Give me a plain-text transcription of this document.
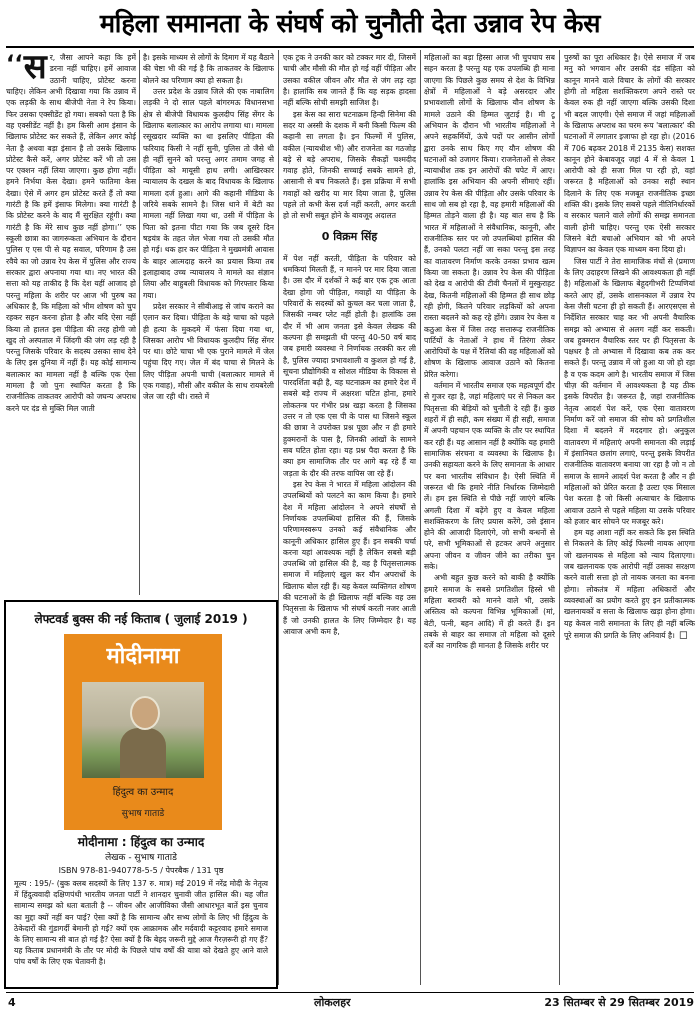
महिला समानता के संघर्ष को चुनौती देता उन्नाव रेप केस

‘‘ स र, जैसा आपने कहा कि हमें डरना नहीं चाहिए। हमें आवाज उठानी चाहिए, प्रोटेस्ट करना चाहिए। लेकिन अभी दिखावा गया कि उन्नाव में एक लड़की के साथ बीजेपी नेता ने रेप किया। फिर उसका एक्सीडेंट हो गया। सबको पता है कि वह एक्सीडेंट नहीं है। हम किसी आम इंसान के खिलाफ प्रोटेस्ट कर सकते हैं, लेकिन अगर कोई नेता है अथवा बड़ा इंसान है तो उसके खिलाफ प्रोटेस्ट कैसे करें, अगर प्रोटेस्ट करें भी तो उस पर एक्शन नहीं लिया जाएगा। कुछ होगा नहीं। हमने निर्भया केस देखा। हमने फातिमा केस देखा। ऐसे में अगर हम प्रोटेस्ट करते हैं तो क्या गारंटी है कि हमें इंसाफ मिलेगा। क्या गारंटी है कि प्रोटेस्ट करने के बाद मैं सुरक्षित रहूंगी। क्या गारंटी है कि मेरे साथ कुछ नहीं होगा।’’ एक स्कूली छात्रा का जागरूकता अभियान के दौरान पुलिस ए एस पी से यह सवाल, परिणाम है उस रवैये का जो उन्नाव रेप केस में पुलिस और राज्य सरकार द्वारा अपनाया गया था। नए भारत की सत्ता को यह ताकीद है कि देश यहीं आजाद हो परन्तु महिला के शरीर पर आज भी पुरुष का अधिकार है, कि महिला को भीम शोषण को चुप रहकर सहन करना होता है और यदि ऐसा नहीं किया तो हालत इस पीड़िता की तरह होगी जो खुद तो अस्पताल में जिंदगी की जंग लड़ रही है परन्तु जिसके परिवार के सदस्य उसका साथ देने के लिए इस दुनिया में नहीं हैं। यह कोई सामान्य बलात्कार का मामला नहीं है बल्कि एक ऐसा मामला है जो पुनः स्थापित करता है कि राजनीतिक ताकतवर आरोपी को जघन्य अपराध करने पर दंड से मुक्ति मिल जाती

है। इसके माध्यम से लोगों के दिमाग में यह बैठाने की चेष्टा भी की गई है कि ताकतवर के खिलाफ बोलने का परिणाम क्या हो सकता है।

उत्तर प्रदेश के उन्नाव जिले की एक नाबालिग लड़की ने दो साल पहले बांगरमऊ विधानसभा क्षेत्र से बीजेपी विधायक कुलदीप सिंह सेंगर के खिलाफ बलात्कार का आरोप लगाया था। मामला रसूखदार व्यक्ति का था इसलिए पीड़िता की फरियाद किसी ने नहीं सुनी, पुलिस तो जैसे थी ही नहीं सुनने को परन्तु अगर तमाम जगह से पीड़िता को मायूसी हाथ लगी। आखिरकार न्यायालय के दखल के बाद विधायक के खिलाफ मामला दर्ज हुआ। आगे की कहानी मीडिया के जरिये सबके सामने है। जिस थाने में बेटी का मामला नहीं लिखा गया था, उसी में पीड़िता के पिता को इतना पीटा गया कि जब दूसरे दिन षड़यंत्र के तहत जेल भेजा गया तो उसकी मौत हो गई। थक हार कर पीड़िता ने मुख्यमंत्री आवास के बाहर आत्मदाह करने का प्रयास किया तब इलाहाबाद उच्च न्यायालय ने मामले का संज्ञान लिया और बाहुबली विधायक को गिरफ्तार किया गया।

प्रदेश सरकार ने सीबीआइ से जांच कराने का एलान कर दिया। पीड़िता के बड़े चाचा को पहले ही हत्या के मुकदमे में फंसा दिया गया था, जिसका आरोप भी विधायक कुलदीप सिंह सेंगर पर था। छोटे चाचा भी एक पुराने मामले में जेल पहुंचा दिए गए। जेल में बंद चाचा से मिलने के लिए पीड़िता अपनी चाची (बलात्कार मामले में एक गवाह), मौसी और वकील के साथ रायबरेली जेल जा रही थी। रास्ते में

एक ट्रक ने उनकी कार को टक्कर मार दी, जिसमें चाची और मौसी की मौत हो गई वहीं पीड़िता और उसका वकील जीवन और मौत से जंग लड़ रहा है। हालांकि सब जानते हैं कि यह सड़क हादसा नहीं बल्कि सोची समझी साजिश है।

इस केस का सारा घटनाक्रम हिन्दी सिनेमा की सदर या अस्सी के दशक में बनी किसी फिल्म की कहानी सा लगता है। इन फिल्मों में पुलिस, वकील (न्यायधीश भी) और राजनेता का गठजोड़ बड़े से बड़े अपराध, जिसके सैकड़ों चश्मदीद गवाह होते, जिनकी सच्चाई सबके सामने हो, आसानी से बच निकलते हैं। इस प्रक्रिया में सभी गवाहों को खरीद या मार दिया जाता है, पुलिस पहले तो कभी केस दर्ज नहीं करती, अगर करती हो तो सभी सबूत होने के बावजूद अदालत

0 विक्रम सिंह

में पेश नहीं करती, पीड़िता के परिवार को धमकियां मिलती हैं, न मानने पर मार दिया जाता है। उस दौर में दर्शकों ने कई बार एक ट्रक आता देखा होगा जो पीड़िता, गवाहों या पीड़िता के परिवारों के सदस्यों को कुचल कर चला जाता है, जिसकी नम्बर प्लेट नहीं होती है। हालांकि उस दौर में भी आम जनता इसे केवल लेखक की कल्पना ही समझती थी परन्तु 40-50 वर्ष बाद जब हमारी व्यवस्था ने निर्णायक तरक्की कर ली है, पुलिस ज्यादा प्रभावशाली व कुशल हो गई है, सूचना प्रौद्योगिकी व सोशल मीडिया के विकास से पारदर्शिता बढ़ी है, यह घटनाक्रम का हमारे देश में सबसे बड़े राज्य में अक्षरशः घटित होना, हमारे लोकतन्त्र पर गंभीर प्रश्न खड़ा करता है जिसका उत्तर न तो एक एस पी के पास था जिसने स्कूल की छात्रा ने उपरोक्त प्रश्न पूछा और न ही हमारे हुक्मरानों के पास है, जिनकी आंखों के सामने सब घटित होता रहा। यह प्रश्न पैदा करता है कि क्या हम सामाजिक तौर पर आगे बढ़ रहे हैं या जड़ता के दौर की तरफ वापिस जा रहे हैं।

इस रेप केस ने भारत में महिला आंदोलन की उपलब्धियों को पलटने का काम किया है। हमारे देश में महिला आंदोलन ने अपने संघर्षों से निर्णायक उपलब्धियां हासिल की हैं, जिसके परिणामस्वरूप उनको कई संवैधानिक और कानूनी अधिकार हासिल हुए हैं। इन सबकी चर्चा करना यहां आवश्यक नहीं है लेकिन सबसे बड़ी उपलब्धि जो हासिल की है, वह है पितृसत्तात्मक समाज में महिलाएं खुल कर यौन अपराधों के खिलाफ बोल रही हैं। यह केवल व्यक्तिगत शोषण की घटनाओं के ही खिलाफ नहीं बल्कि वह उस पितृसत्ता के खिलाफ भी संघर्ष करती नजर आती हैं जो उनकी हालत के लिए जिम्मेदार है। यह आवाज अभी कम है,

महिलाओं का बड़ा हिस्सा आज भी चुपचाप सब सहन करता है परन्तु यह एक उपलब्धि ही माना जाएगा कि पिछले कुछ समय से देश के विभिन्न क्षेत्रों में महिलाओं ने बड़े असरदार और प्रभावशाली लोगों के खिलाफ यौन शोषण के मामले उठाने की हिम्मत जुटाई है। मी टू अभियान के दौरान भी भारतीय महिलाओं ने अपने सहकर्मियों, ऊंचे पदों पर आसीन लोगों द्वारा उनके साथ किए गए यौन शोषण की घटनाओं को उजागर किया। राजनेताओं से लेकर न्यायाधीश तक इन आरोपों की चपेट में आए। हालांकि इस अभियान की अपनी सीमाएं रहीं। उन्नाव रेप केस की पीड़िता और उसके परिवार के साथ जो सब हो रहा है, वह हमारी महिलाओं की हिम्मत तोड़ने वाला ही है। यह बात सच है कि भारत में महिलाओं ने संवैधानिक, कानूनी, और राजनीतिक स्तर पर जो उपलब्धियां हासिल की हैं, उनको पलटा नहीं जा सका परन्तु इस तरह का वातावरण निर्माण करके उनका प्रभाव खत्म किया जा सकता है। उन्नाव रेप केस की पीड़िता को देख व आरोपी की टीवी चैनलों में मुस्कुराहट देख, कितनी महिलाओं की हिम्मत ही साथ छोड़ रही होगी, कितने परिवार लड़कियों को अपना रास्ता बदलने को कह रहे होंगे। उन्नाव रेप केस व कठुआ केस में जिस तरह सत्तारूढ़ राजनीतिक पार्टियों के नेताओं ने हाथ में तिरंगा लेकर आरोपियों के पक्ष में रैलियां की वह महिलाओं को शोषण के खिलाफ आवाज उठाने को कितना प्रेरित करेगा।

वर्तमान में भारतीय समाज एक महत्वपूर्ण दौर से गुजर रहा है, जहां महिलाएं घर से निकल कर पितृसत्ता की बेड़ियों को चुनौती दे रही हैं। कुछ शहरों में ही सही, कम संख्या में ही सही, समाज में अपनी पहचान एक व्यक्ति के तौर पर स्थापित कर रही हैं। यह आसान नहीं है क्योंकि यह हमारी सामाजिक संरचना व व्यवस्था के खिलाफ है। उनकी सहायता करने के लिए समानता के आधार पर बना भारतीय संविधान है। ऐसी स्थिति में जरूरत थी कि हमारे नीति निर्धारक जिम्मेदारी लें। हम इस स्थिति से पीछे नहीं जाएंगे बल्कि अगली दिशा में बढ़ेंगे हुए व केवल महिला सशक्तिकरण के लिए प्रयास करेंगे, उसे इंसान होने की आजादी दिलाएंगे, जो सभी बन्धनों से परे, सभी भूमिकाओं से हटकर अपने अनुसार अपना जीवन व जीवन जीने का तरीका चुन सके।

अभी बहुत कुछ करने को बाकी है क्योंकि हमारे समाज के सबसे प्रगतिशील हिस्से भी महिला बराबरी को मानने वाले भी, उसके अस्तित्व को कल्पना विभिन्न भूमिकाओं (मां, बेटी, पत्नी, बहन आदि) में ही करते हैं। इन तबके से बाहर का समाज तो महिला को दूसरे दर्जे का नागरिक ही मानता है जिसके शरीर पर

पुरुषों का पूरा अधिकार है। ऐसे समाज में जब मनु को भगवान और उसकी दंड संहिता को कानून मानने वाले विचार के लोगों की सरकार होगी तो महिला सशक्तिकरण अपने रास्ते पर केवल रुक ही नहीं जाएगा बल्कि उसकी दिशा भी बदल जाएगी। ऐसे समाज में जहां महिलाओं के खिलाफ अपराध का चरम रूप 'बलात्कार' की घटनाओं में लगातार इजाफा हो रहा हो। (2016 में 706 बढ़कर 2018 में 2135 केस) सशक्त कानून होने केबावजूद जहां 4 में से केवल 1 आरोपी को ही सजा मिल पा रही हो, वहां जरूरत है महिलाओं को उनका सही स्थान दिलाने के लिए एक मजबूत राजनीतिक इच्छा शक्ति की। इसके लिए सबसे पहले नीतिनिर्धारकों व सरकार चलाने वाले लोगों की समझ समानता वाली होनी चाहिए। परन्तु एक ऐसी सरकार जिसने बेटी बचाओ अभियान को भी अपने विज्ञापन का केवल एक माध्यम बना दिया हो।

जिस पार्टी ने तेरा सामाजिक मंचों से (प्रमाण के लिए उदाहरण लिखने की आवश्यकता ही नहीं है) महिलाओं के खिलाफ बेहूदगीभरी टिप्पणियां करते आए हों, उसके शासनकाल में उन्नाव रेप केस जैसी घटना ही हो सकती हैं। आरएसएस से निर्देशित सरकार चाह कर भी अपनी वैचारिक समझ को अभ्यास से अलग नहीं कर सकती। जब हुक्मरान वैचारिक स्तर पर ही पितृसत्ता के पक्षधर है तो अभ्यास में दिखावा कब तक कर सकते हैं। परन्तु उन्नाव में जो हुआ या जो हो रहा है व एक कदम आगे है। भारतीय समाज में जिस चीज़ की वर्तमान में आवश्यकता है यह ठीक इसके विपरीत है। जरूरत है, जहां राजनीतिक नेतृत्व आदर्श पेश करें, एक ऐसा वातावरण निर्माण करें जो समाज की सोच को प्रगतिशील दिशा में बदलने में मददगार हो। अनुकूल वातावरण में महिलाएं अपनी समानता की लड़ाई में इंसानियत छलांग लगाएं, परन्तु इसके विपरीत राजनीतिक वातावरण बनाया जा रहा है जो न तो समाज के सामने आदर्श पेश करता है और न ही महिलाओं को प्रेरित करता है उल्टा एक मिसाल पेश करता है जो किसी अत्याचार के खिलाफ आवाज उठाने से पहले महिला या उसके परिवार को हजार बार सोचने पर मजबूर करे।

हम यह आशा नहीं कर सकते कि इस स्थिति से निकलने के लिए कोई फिल्मी नायक आएगा जो खलनायक से महिला को न्याय दिलाएगा। जब खलनायक एक आरोपी नहीं उसका सरक्षण करने वाली सत्ता हो तो नायक जनता का बनना होगा। लोकतंत्र में महिला अधिकारों और व्यवस्थाओं का प्रयोग करते हुए इन प्रतीकात्मक खलनायकों व सत्ता के खिलाफ खड़ा होना होगा। यह केवल नारी समानता के लिए ही नहीं बल्कि पूरे समाज की प्रगति के लिए अनिवार्य है। ◻

लेफ्टवर्ड बुक्स की नई किताब ( जुलाई 2019 )
मोदीनामा
हिंदुत्व का उन्माद
सुभाष गाताडे
मोदीनामा : हिंदुत्व का उन्माद
लेखक - सुभाष गाताडे
ISBN 978-81-940778-5-5 / पेपरबैक / 131 पृष्ठ
मूल्य : 195/- (बुक क्लब सदस्यों के लिए 137 रु. मात्र) मई 2019 में नरेंद्र मोदी के नेतृत्व में हिंदुत्ववादी दक्षिणपंथी भारतीय जनता पार्टी ने शानदार चुनावी जीत हासिल की। यह जीत सामान्य समझ को धता बताती है -- जीवन और आजीविका जैसी आधारभूत बातें इस चुनाव का मुद्दा क्यों नहीं बन पाई? ऐसा क्यों है कि सामान्य और सभ्य लोगों के लिए भी हिंदुत्व के ठेकेदारों की गुंडागर्दी बेमानी हो गई? क्यों एक आक्रामक और मर्दवादी कट्टरवाद हमारे समाज के लिए सामान्य सी बात हो गई है? ऐसा क्यों है कि बेहद जरूरी मुद्दे आज गैरज़रूरी हो गए हैं? यह किताब प्रधानमंत्री के तौर पर मोदी के पिछले पांच वर्षों की यात्रा को देखते हुए आने वाले पांच वर्षों के लिए एक चेतावनी है।
4	लोकलहर	23 सितम्बर से 29 सितम्बर 2019
